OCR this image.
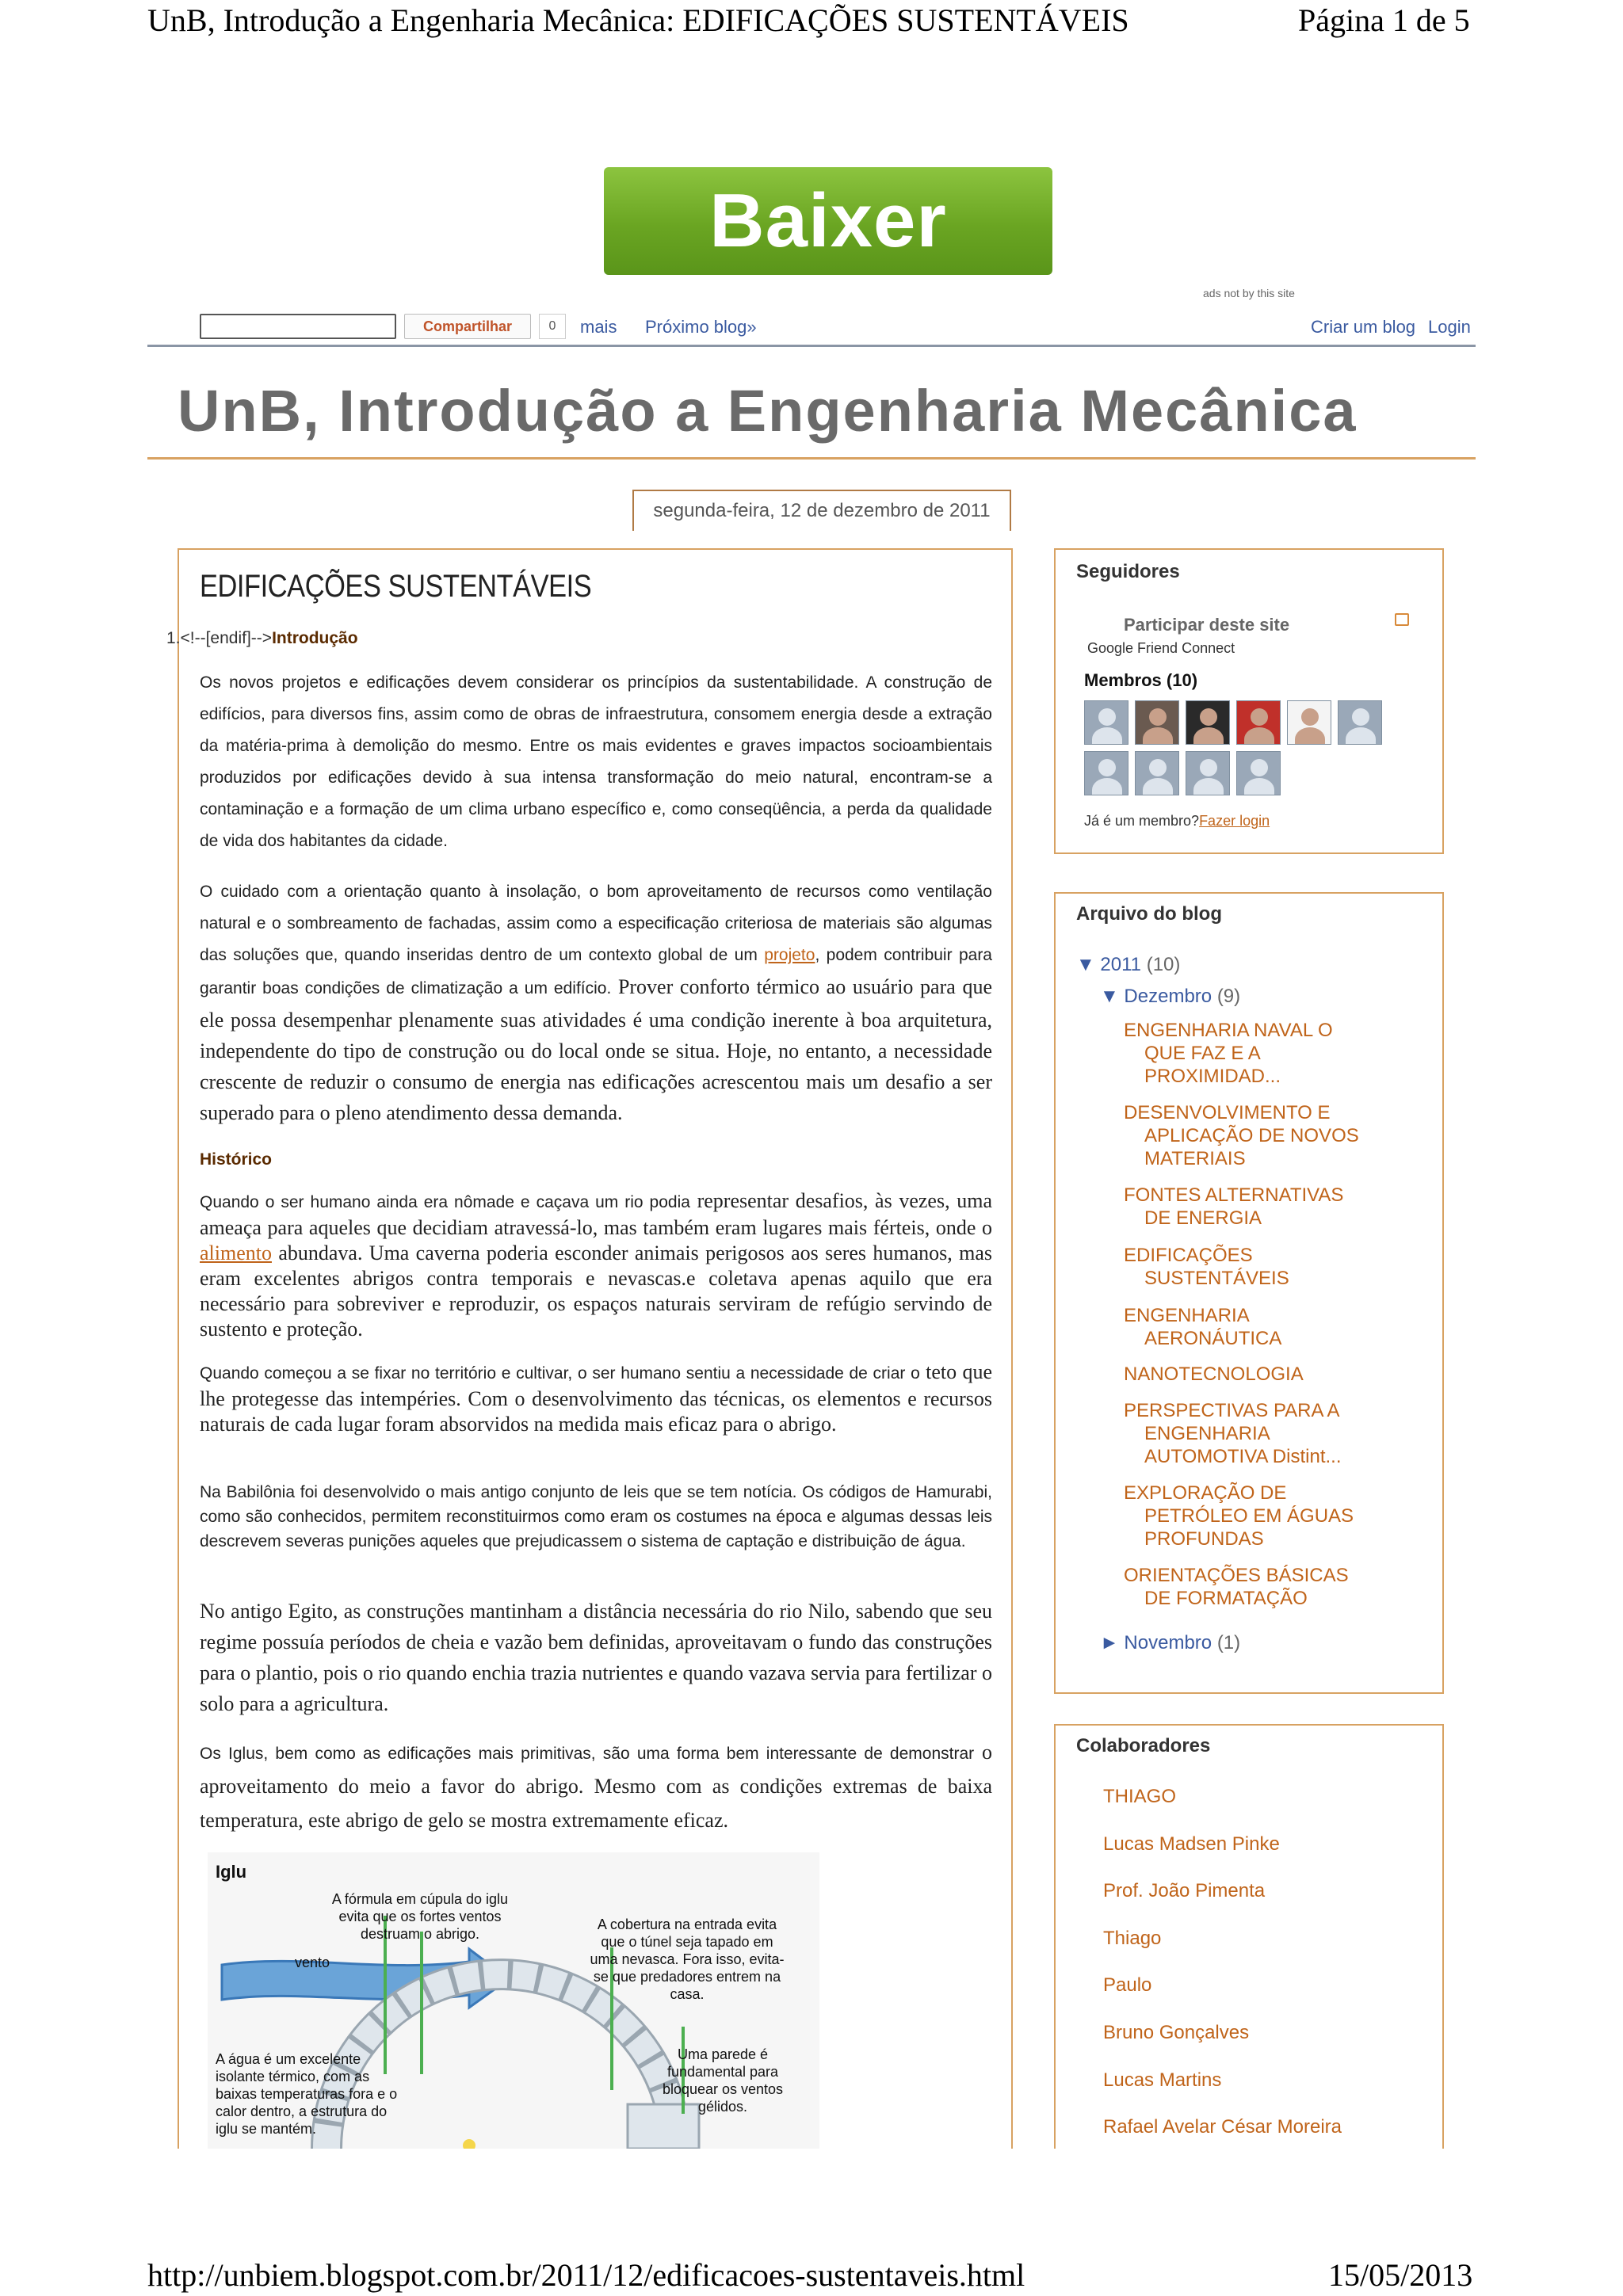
UnB, Introdução a Engenharia Mecânica: EDIFICAÇÕES SUSTENTÁVEIS	Página 1 de 5
Baixer
ads not by this site
Compartilhar	0	mais Próximo blog»	Criar um blog Login
UnB, Introdução a Engenharia Mecânica
segunda-feira, 12 de dezembro de 2011
EDIFICAÇÕES SUSTENTÁVEIS
1.<!--[endif]-->Introdução
Os novos projetos e edificações devem considerar os princípios da sustentabilidade. A construção de edifícios, para diversos fins, assim como de obras de infraestrutura, consomem energia desde a extração da matéria-prima à demolição do mesmo. Entre os mais evidentes e graves impactos socioambientais produzidos por edificações devido à sua intensa transformação do meio natural, encontram-se a contaminação e a formação de um clima urbano específico e, como conseqüência, a perda da qualidade de vida dos habitantes da cidade.
O cuidado com a orientação quanto à insolação, o bom aproveitamento de recursos como ventilação natural e o sombreamento de fachadas, assim como a especificação criteriosa de materiais são algumas das soluções que, quando inseridas dentro de um contexto global de um projeto, podem contribuir para garantir boas condições de climatização a um edifício. Prover conforto térmico ao usuário para que ele possa desempenhar plenamente suas atividades é uma condição inerente à boa arquitetura, independente do tipo de construção ou do local onde se situa. Hoje, no entanto, a necessidade crescente de reduzir o consumo de energia nas edificações acrescentou mais um desafio a ser superado para o pleno atendimento dessa demanda.
Histórico
Quando o ser humano ainda era nômade e caçava um rio podia representar desafios, às vezes, uma ameaça para aqueles que decidiam atravessá-lo, mas também eram lugares mais férteis, onde o alimento abundava. Uma caverna poderia esconder animais perigosos aos seres humanos, mas eram excelentes abrigos contra temporais e nevascas.e coletava apenas aquilo que era necessário para sobreviver e reproduzir, os espaços naturais serviram de refúgio servindo de sustento e proteção.
Quando começou a se fixar no território e cultivar, o ser humano sentiu a necessidade de criar o teto que lhe protegesse das intempéries. Com o desenvolvimento das técnicas, os elementos e recursos naturais de cada lugar foram absorvidos na medida mais eficaz para o abrigo.
Na Babilônia foi desenvolvido o mais antigo conjunto de leis que se tem notícia. Os códigos de Hamurabi, como são conhecidos, permitem reconstituirmos como eram os costumes na época e algumas dessas leis descrevem severas punições aqueles que prejudicassem o sistema de captação e distribuição de água.
No antigo Egito, as construções mantinham a distância necessária do rio Nilo, sabendo que seu regime possuía períodos de cheia e vazão bem definidas, aproveitavam o fundo das construções para o plantio, pois o rio quando enchia trazia nutrientes e quando vazava servia para fertilizar o solo para a agricultura.
Os Iglus, bem como as edificações mais primitivas, são uma forma bem interessante de demonstrar o aproveitamento do meio a favor do abrigo. Mesmo com as condições extremas de baixa temperatura, este abrigo de gelo se mostra extremamente eficaz.
Iglu
A fórmula em cúpula do iglu evita que os fortes ventos destruam o abrigo.
vento
A cobertura na entrada evita que o túnel seja tapado em uma nevasca. Fora isso, evita-se que predadores entrem na casa.
A água é um excelente isolante térmico, com as baixas temperaturas fora e o calor dentro, a estrutura do iglu se mantém.
Uma parede é fundamental para bloquear os ventos gélidos.
Seguidores
Participar deste site
Google Friend Connect
Membros (10)
Já é um membro?Fazer login
Arquivo do blog
▼ 2011 (10)
▼ Dezembro (9)
ENGENHARIA NAVAL O
QUE FAZ E A
PROXIMIDAD...
DESENVOLVIMENTO E
APLICAÇÃO DE NOVOS
MATERIAIS
FONTES ALTERNATIVAS
DE ENERGIA
EDIFICAÇÕES
SUSTENTÁVEIS
ENGENHARIA
AERONÁUTICA
NANOTECNOLOGIA
PERSPECTIVAS PARA A
ENGENHARIA
AUTOMOTIVA Distint...
EXPLORAÇÃO DE
PETRÓLEO EM ÁGUAS
PROFUNDAS
ORIENTAÇÕES BÁSICAS
DE FORMATAÇÃO
► Novembro (1)
Colaboradores
THIAGO
Lucas Madsen Pinke
Prof. João Pimenta
Thiago
Paulo
Bruno Gonçalves
Lucas Martins
Rafael Avelar César Moreira
http://unbiem.blogspot.com.br/2011/12/edificacoes-sustentaveis.html	15/05/2013
